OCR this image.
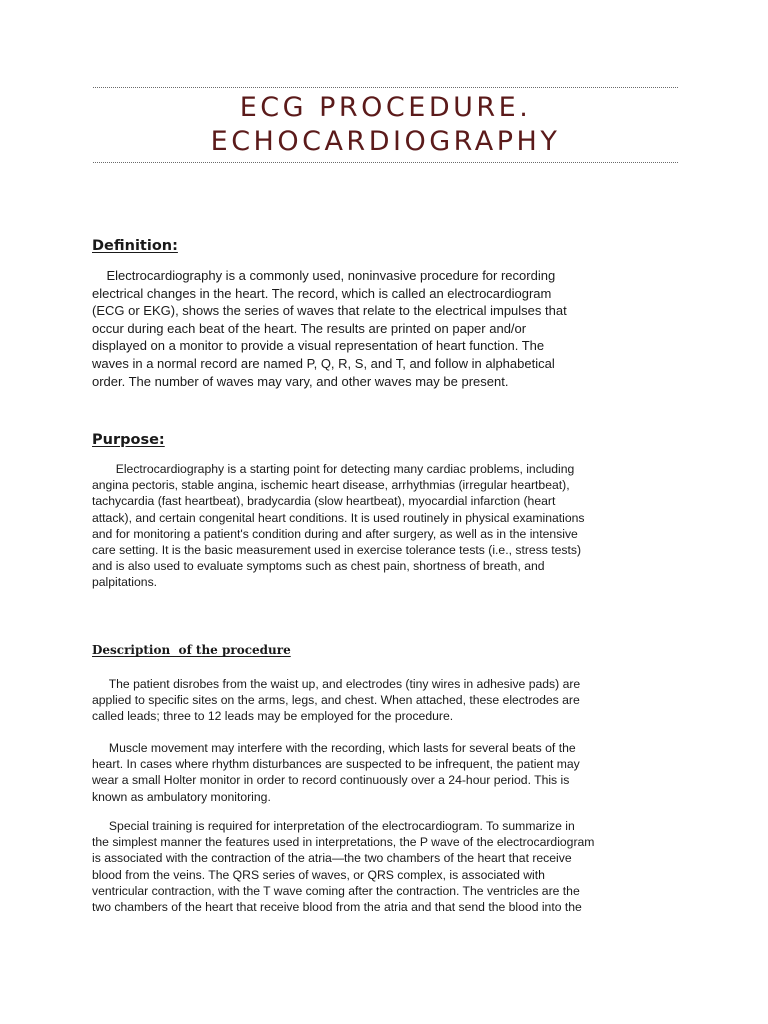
ECG PROCEDURE.
ECHOCARDIOGRAPHY
Definition:
Electrocardiography is a commonly used, noninvasive procedure for recording
electrical changes in the heart. The record, which is called an electrocardiogram
(ECG or EKG), shows the series of waves that relate to the electrical impulses that
occur during each beat of the heart. The results are printed on paper and/or
displayed on a monitor to provide a visual representation of heart function. The
waves in a normal record are named P, Q, R, S, and T, and follow in alphabetical
order. The number of waves may vary, and other waves may be present.
Purpose:
Electrocardiography is a starting point for detecting many cardiac problems, including
angina pectoris, stable angina, ischemic heart disease, arrhythmias (irregular heartbeat),
tachycardia (fast heartbeat), bradycardia (slow heartbeat), myocardial infarction (heart
attack), and certain congenital heart conditions. It is used routinely in physical examinations
and for monitoring a patient's condition during and after surgery, as well as in the intensive
care setting. It is the basic measurement used in exercise tolerance tests (i.e., stress tests)
and is also used to evaluate symptoms such as chest pain, shortness of breath, and
palpitations.
Description  of the procedure
The patient disrobes from the waist up, and electrodes (tiny wires in adhesive pads) are
applied to specific sites on the arms, legs, and chest. When attached, these electrodes are
called leads; three to 12 leads may be employed for the procedure.
Muscle movement may interfere with the recording, which lasts for several beats of the
heart. In cases where rhythm disturbances are suspected to be infrequent, the patient may
wear a small Holter monitor in order to record continuously over a 24-hour period. This is
known as ambulatory monitoring.
Special training is required for interpretation of the electrocardiogram. To summarize in
the simplest manner the features used in interpretations, the P wave of the electrocardiogram
is associated with the contraction of the atria—the two chambers of the heart that receive
blood from the veins. The QRS series of waves, or QRS complex, is associated with
ventricular contraction, with the T wave coming after the contraction. The ventricles are the
two chambers of the heart that receive blood from the atria and that send the blood into the
